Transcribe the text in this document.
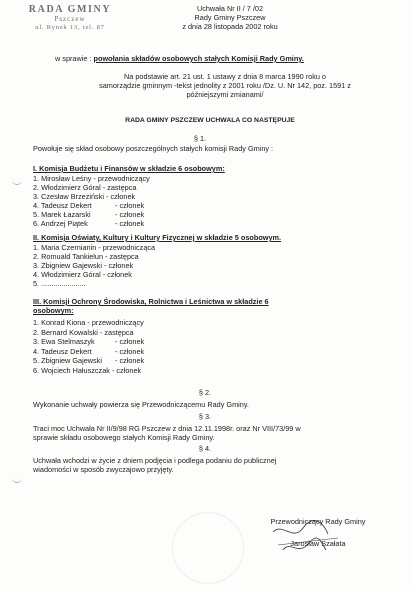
RADA GMINY
Pszczew
ul. Rynek 13, tel. 87
Uchwała Nr II / 7 /02
Rady Gminy Pszczew
z dnia 28 listopada 2002 roku
w sprawie : powołania składów osobowych stałych Komisji Rady Gminy.
Na podstawie art. 21 ust. 1 ustawy z dnia 8 marca 1990 roku o
samorządzie gminnym -tekst jednolity z 2001 roku /Dz. U. Nr 142, poz. 1591 z
późniejszymi zmianami/
RADA GMINY PSZCZEW UCHWALA CO NASTĘPUJE
§ 1.
Powołuje się skład osobowy poszczególnych stałych komisji Rady Gminy :
I. Komisja Budżetu i Finansów w składzie 6 osobowym:
1. Mirosław Leśny - przewodniczący
2. Włodzimierz Góral - zastępca
3. Czesław Brzeziński - członek
4. Tadeusz Dekert	- członek
5. Marek Łazarski	- członek
6. Andrzej Piątek	- członek
II. Komisja Oświaty, Kultury i Kultury Fizycznej w składzie 5 osobowym.
1. Maria Czernianin - przewodnicząca
2. Romuald Tankielun - zastępca
3. Zbigniew Gajewski - członek
4. Włodzimierz Góral - członek
5. ......................
III. Komisji Ochrony Środowiska, Rolnictwa i Leśnictwa w składzie 6
osobowym:
1. Konrad Kiona - przewodniczący
2. Bernard Kowalski - zastępca
3. Ewa Stelmaszyk	- członek
4. Tadeusz Dekert	- członek
5. Zbigniew Gajewski - członek
6. Wojciech Hałuszczak - członek
§ 2.
Wykonanie uchwały powierza się Przewodniczącemu Rady Gminy.
§ 3.
Traci moc Uchwała Nr II/9/98 RG Pszczew z dnia 12.11.1998r. oraz Nr VIII/73/99 w
sprawie składu osobowego stałych Komisji Rady Gminy.
§ 4.
Uchwała wchodzi w życie z dniem podjęcia i podlega podaniu do publicznej
wiadomości w sposób zwyczajowo przyjęty.
Przewodniczący Rady Gminy
Jarosław Szałata
